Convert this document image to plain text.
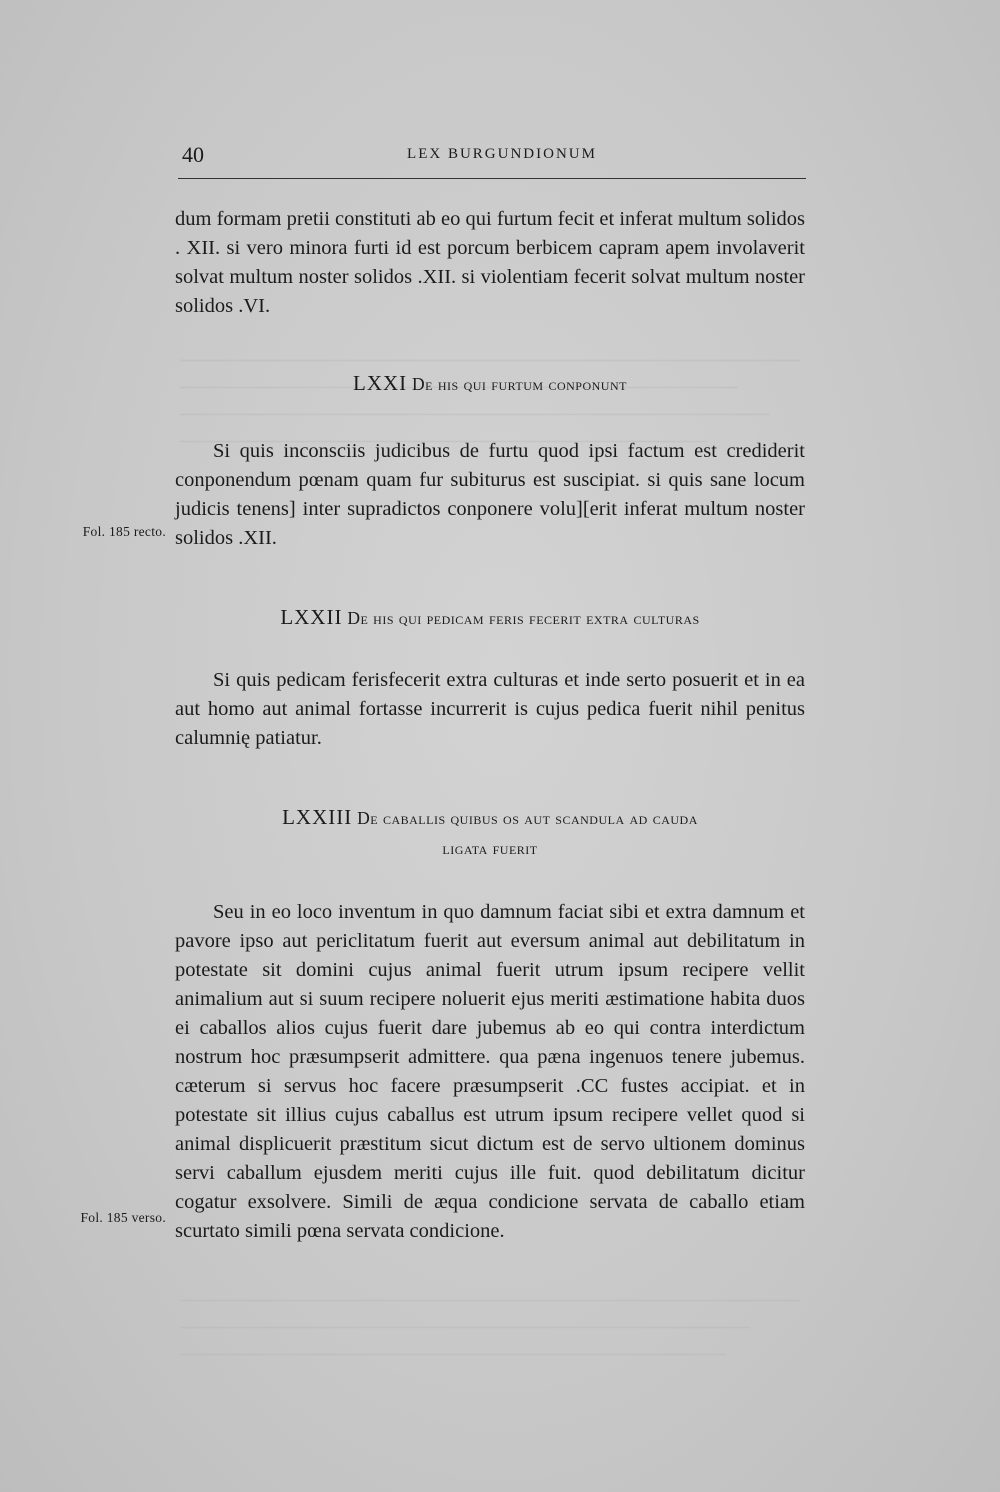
40	LEX BURGUNDIONUM

dum formam pretii constituti ab eo qui furtum fecit et inferat multum solidos . XII. si vero minora furti id est porcum berbicem capram apem involaverit solvat multum noster solidos .XII. si violentiam fecerit solvat multum noster solidos .VI.

LXXI De his qui furtum conponunt

Si quis inconsciis judicibus de furtu quod ipsi factum est crediderit conponendum pœnam quam fur subiturus est suscipiat. si quis sane locum judicis tenens] inter supradictos conponere volu][erit inferat multum noster solidos .XII.

Fol. 185 recto.
LXXII De his qui pedicam feris fecerit extra culturas

Si quis pedicam ferisfecerit extra culturas et inde serto posuerit et in ea aut homo aut animal fortasse incurrerit is cujus pedica fuerit nihil penitus calumnię patiatur.

LXXIII De caballis quibus os aut scandula ad cauda
ligata fuerit

Seu in eo loco inventum in quo damnum faciat sibi et extra damnum et pavore ipso aut periclitatum fuerit aut eversum animal aut debilitatum in potestate sit domini cujus animal fuerit utrum ipsum recipere vellit animalium aut si suum recipere noluerit ejus meriti æstimatione habita duos ei caballos alios cujus fuerit dare jubemus ab eo qui contra interdictum nostrum hoc præsumpserit admittere. qua pæna ingenuos tenere jubemus. cæterum si servus hoc facere præsumpserit .CC fustes accipiat. et in potestate sit illius cujus caballus est utrum ipsum recipere vellet quod si animal displicuerit præstitum sicut dictum est de servo ultionem dominus servi caballum ejusdem meriti cujus ille fuit. quod debilitatum dicitur cogatur exsolvere. Simili de æqua condicione servata de caballo etiam scurtato simili pœna servata condicione.

Fol. 185 verso.
